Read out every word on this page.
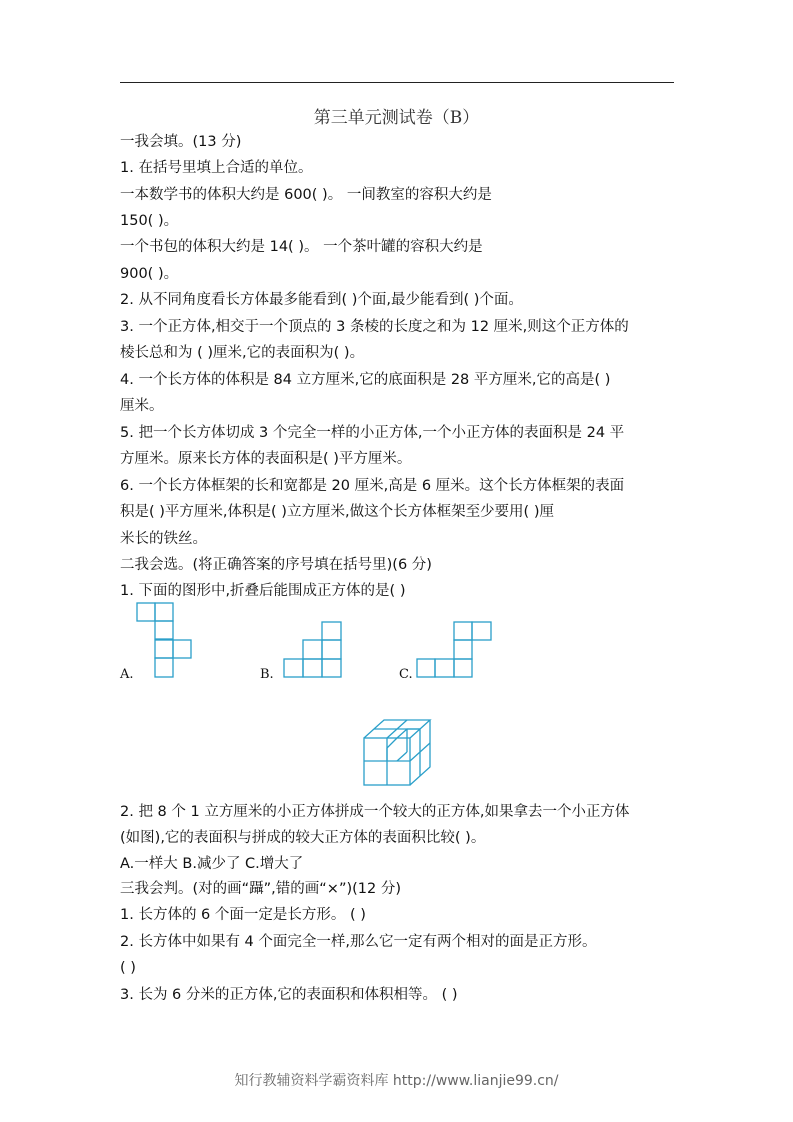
第三单元测试卷（B）
一我会填。(13 分)
1. 在括号里填上合适的单位。
一本数学书的体积大约是 600( )。 一间教室的容积大约是
150( )。
一个书包的体积大约是 14( )。 一个茶叶罐的容积大约是
900( )。
2. 从不同角度看长方体最多能看到( )个面,最少能看到( )个面。
3. 一个正方体,相交于一个顶点的 3 条棱的长度之和为 12 厘米,则这个正方体的
棱长总和为 ( )厘米,它的表面积为( )。
4. 一个长方体的体积是 84 立方厘米,它的底面积是 28 平方厘米,它的高是( )
厘米。
5. 把一个长方体切成 3 个完全一样的小正方体,一个小正方体的表面积是 24 平
方厘米。原来长方体的表面积是( )平方厘米。
6. 一个长方体框架的长和宽都是 20 厘米,高是 6 厘米。这个长方体框架的表面
积是( )平方厘米,体积是( )立方厘米,做这个长方体框架至少要用( )厘
米长的铁丝。
二我会选。(将正确答案的序号填在括号里)(6 分)
1. 下面的图形中,折叠后能围成正方体的是( )
A.	B.	C.
2. 把 8 个 1 立方厘米的小正方体拼成一个较大的正方体,如果拿去一个小正方体
(如图),它的表面积与拼成的较大正方体的表面积比较( )。
A.一样大 B.减少了 C.增大了
三我会判。(对的画“躡”,错的画“×”)(12 分)
1. 长方体的 6 个面一定是长方形。 ( )
2. 长方体中如果有 4 个面完全一样,那么它一定有两个相对的面是正方形。
( )
3. 长为 6 分米的正方体,它的表面积和体积相等。 ( )
知行教辅资料学霸资料库 http://www.lianjie99.cn/
